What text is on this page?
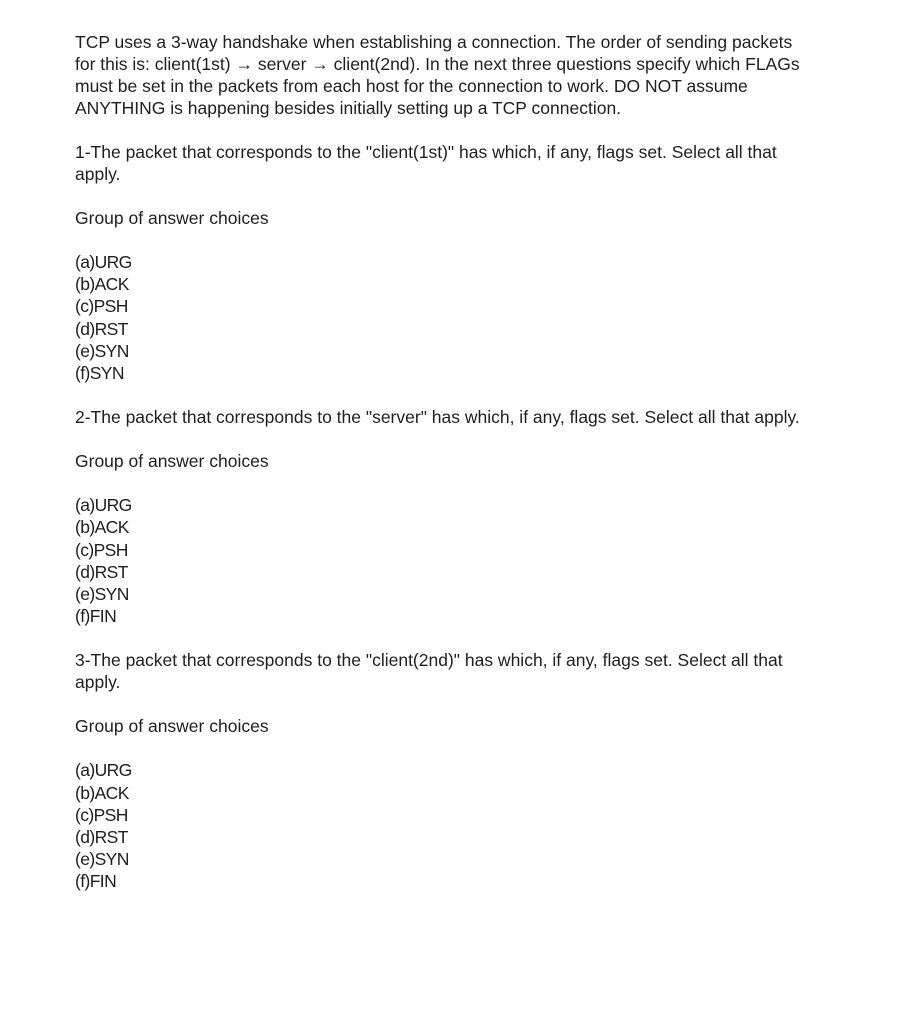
TCP uses a 3-way handshake when establishing a connection. The order of sending packets for this is: client(1st) → server → client(2nd). In the next three questions specify which FLAGs must be set in the packets from each host for the connection to work. DO NOT assume ANYTHING is happening besides initially setting up a TCP connection.

1-The packet that corresponds to the "client(1st)" has which, if any, flags set. Select all that apply.

Group of answer choices

(a)URG
(b)ACK
(c)PSH
(d)RST
(e)SYN
(f)SYN

2-The packet that corresponds to the "server" has which, if any, flags set. Select all that apply.

Group of answer choices

(a)URG
(b)ACK
(c)PSH
(d)RST
(e)SYN
(f)FIN

3-The packet that corresponds to the "client(2nd)" has which, if any, flags set. Select all that apply.

Group of answer choices

(a)URG
(b)ACK
(c)PSH
(d)RST
(e)SYN
(f)FIN
